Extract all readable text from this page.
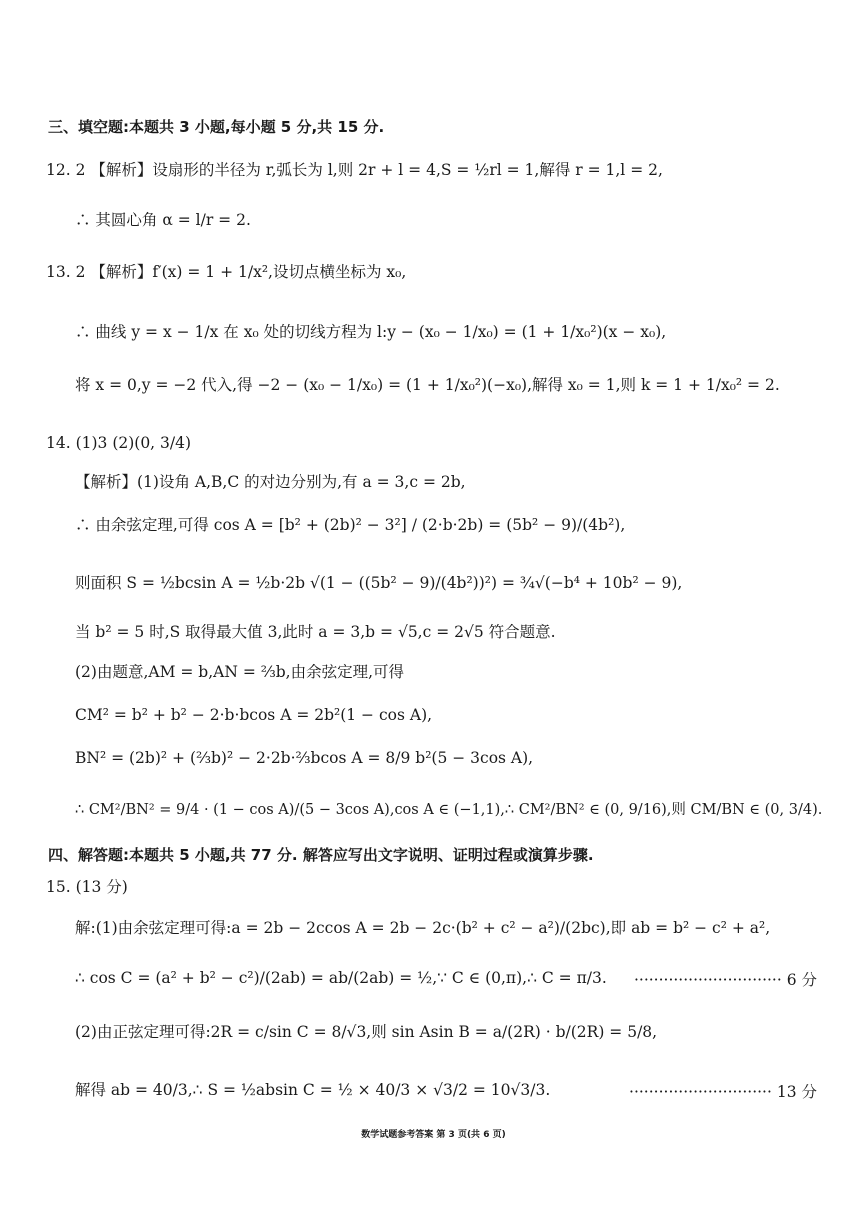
三、填空题:本题共 3 小题,每小题 5 分,共 15 分.
12. 2 【解析】设扇形的半径为 r,弧长为 l,则 2r + l = 4,S = ½rl = 1,解得 r = 1,l = 2,
∴ 其圆心角 α = l/r = 2.
13. 2 【解析】f′(x) = 1 + 1/x²,设切点横坐标为 x₀,
∴ 曲线 y = x − 1/x 在 x₀ 处的切线方程为 l:y − (x₀ − 1/x₀) = (1 + 1/x₀²)(x − x₀),
将 x = 0,y = −2 代入,得 −2 − (x₀ − 1/x₀) = (1 + 1/x₀²)(−x₀),解得 x₀ = 1,则 k = 1 + 1/x₀² = 2.
14. (1)3 (2)(0, 3/4)
【解析】(1)设角 A,B,C 的对边分别为,有 a = 3,c = 2b,
∴ 由余弦定理,可得 cos A = [b² + (2b)² − 3²] / (2·b·2b) = (5b² − 9)/(4b²),
则面积 S = ½bcsin A = ½b·2b √(1 − ((5b² − 9)/(4b²))²) = ¾√(−b⁴ + 10b² − 9),
当 b² = 5 时,S 取得最大值 3,此时 a = 3,b = √5,c = 2√5 符合题意.
(2)由题意,AM = b,AN = ⅔b,由余弦定理,可得
CM² = b² + b² − 2·b·bcos A = 2b²(1 − cos A),
BN² = (2b)² + (⅔b)² − 2·2b·⅔bcos A = 8/9 b²(5 − 3cos A),
∴ CM²/BN² = 9/4 · (1 − cos A)/(5 − 3cos A),cos A ∈ (−1,1),∴ CM²/BN² ∈ (0, 9/16),则 CM/BN ∈ (0, 3/4).
四、解答题:本题共 5 小题,共 77 分. 解答应写出文字说明、证明过程或演算步骤.
15. (13 分)
解:(1)由余弦定理可得:a = 2b − 2ccos A = 2b − 2c·(b² + c² − a²)/(2bc),即 ab = b² − c² + a²,
∴ cos C = (a² + b² − c²)/(2ab) = ab/(2ab) = ½,∵ C ∈ (0,π),∴ C = π/3. ······························ 6 分
(2)由正弦定理可得:2R = c/sin C = 8/√3,则 sin Asin B = a/(2R) · b/(2R) = 5/8,
解得 ab = 40/3,∴ S = ½absin C = ½ × 40/3 × √3/2 = 10√3/3.	····························· 13 分
数学试题参考答案 第 3 页(共 6 页)
